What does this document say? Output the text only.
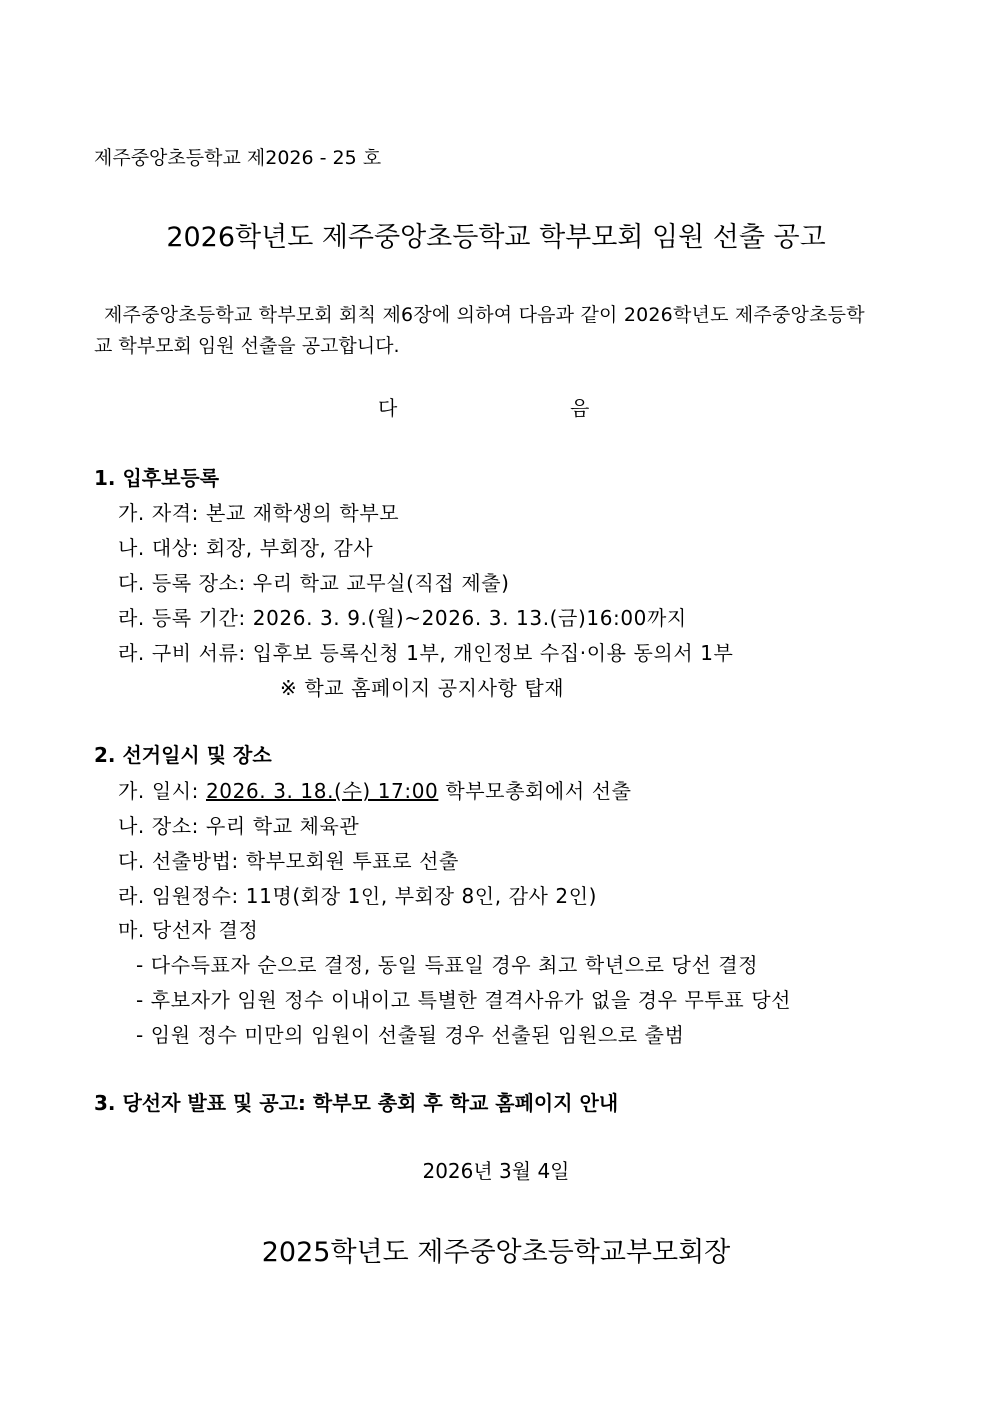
제주중앙초등학교 제2026 - 25 호
2026학년도 제주중앙초등학교 학부모회 임원 선출 공고
제주중앙초등학교 학부모회 회칙 제6장에 의하여 다음과 같이 2026학년도 제주중앙초등학
교 학부모회 임원 선출을 공고합니다.
다	음
1. 입후보등록
가. 자격: 본교 재학생의 학부모
나. 대상: 회장, 부회장, 감사
다. 등록 장소: 우리 학교 교무실(직접 제출)
라. 등록 기간: 2026. 3. 9.(월)~2026. 3. 13.(금)16:00까지
라. 구비 서류: 입후보 등록신청 1부, 개인정보 수집·이용 동의서 1부
※ 학교 홈페이지 공지사항 탑재
2. 선거일시 및 장소
가. 일시: 2026. 3. 18.(수) 17:00 학부모총회에서 선출
나. 장소: 우리 학교 체육관
다. 선출방법: 학부모회원 투표로 선출
라. 임원정수: 11명(회장 1인, 부회장 8인, 감사 2인)
마. 당선자 결정
- 다수득표자 순으로 결정, 동일 득표일 경우 최고 학년으로 당선 결정
- 후보자가 임원 정수 이내이고 특별한 결격사유가 없을 경우 무투표 당선
- 임원 정수 미만의 임원이 선출될 경우 선출된 임원으로 출범
3. 당선자 발표 및 공고: 학부모 총회 후 학교 홈페이지 안내
2026년 3월 4일
2025학년도 제주중앙초등학교부모회장
